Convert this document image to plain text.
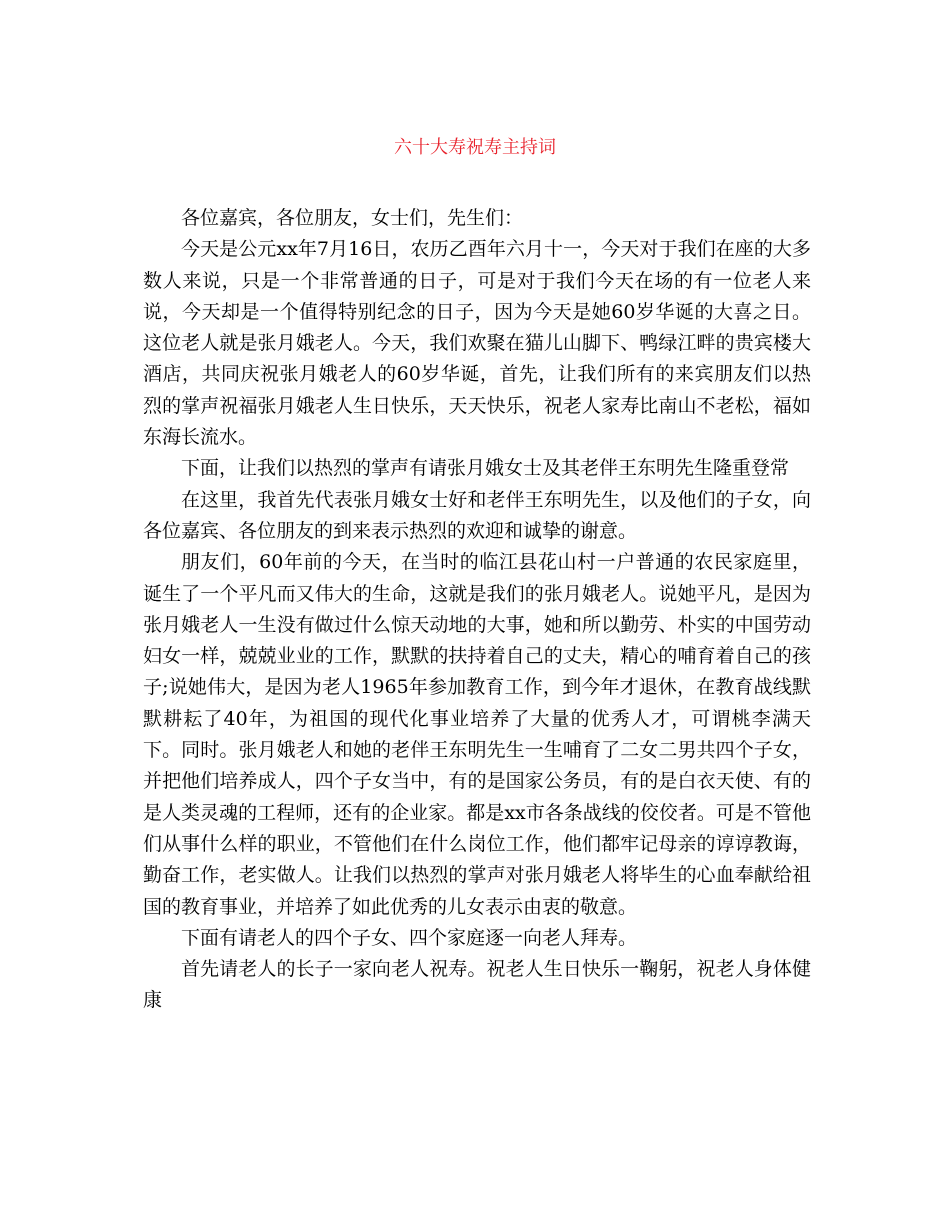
六十大寿祝寿主持词

各位嘉宾，各位朋友，女士们，先生们：

今天是公元xx年7月16日，农历乙酉年六月十一，今天对于我们在座的大多数人来说，只是一个非常普通的日子，可是对于我们今天在场的有一位老人来说，今天却是一个值得特别纪念的日子，因为今天是她60岁华诞的大喜之日。这位老人就是张月娥老人。今天，我们欢聚在猫儿山脚下、鸭绿江畔的贵宾楼大酒店，共同庆祝张月娥老人的60岁华诞，首先，让我们所有的来宾朋友们以热烈的掌声祝福张月娥老人生日快乐，天天快乐，祝老人家寿比南山不老松，福如东海长流水。

下面，让我们以热烈的掌声有请张月娥女士及其老伴王东明先生隆重登常

在这里，我首先代表张月娥女士好和老伴王东明先生，以及他们的子女，向各位嘉宾、各位朋友的到来表示热烈的欢迎和诚挚的谢意。

朋友们，60年前的今天，在当时的临江县花山村一户普通的农民家庭里，诞生了一个平凡而又伟大的生命，这就是我们的张月娥老人。说她平凡，是因为张月娥老人一生没有做过什么惊天动地的大事，她和所以勤劳、朴实的中国劳动妇女一样，兢兢业业的工作，默默的扶持着自己的丈夫，精心的哺育着自己的孩子;说她伟大，是因为老人1965年参加教育工作，到今年才退休，在教育战线默默耕耘了40年，为祖国的现代化事业培养了大量的优秀人才，可谓桃李满天下。同时。张月娥老人和她的老伴王东明先生一生哺育了二女二男共四个子女，并把他们培养成人，四个子女当中，有的是国家公务员，有的是白衣天使、有的是人类灵魂的工程师，还有的企业家。都是xx市各条战线的佼佼者。可是不管他们从事什么样的职业，不管他们在什么岗位工作，他们都牢记母亲的谆谆教诲，勤奋工作，老实做人。让我们以热烈的掌声对张月娥老人将毕生的心血奉献给祖国的教育事业，并培养了如此优秀的儿女表示由衷的敬意。

下面有请老人的四个子女、四个家庭逐一向老人拜寿。

首先请老人的长子一家向老人祝寿。祝老人生日快乐一鞠躬，祝老人身体健康
